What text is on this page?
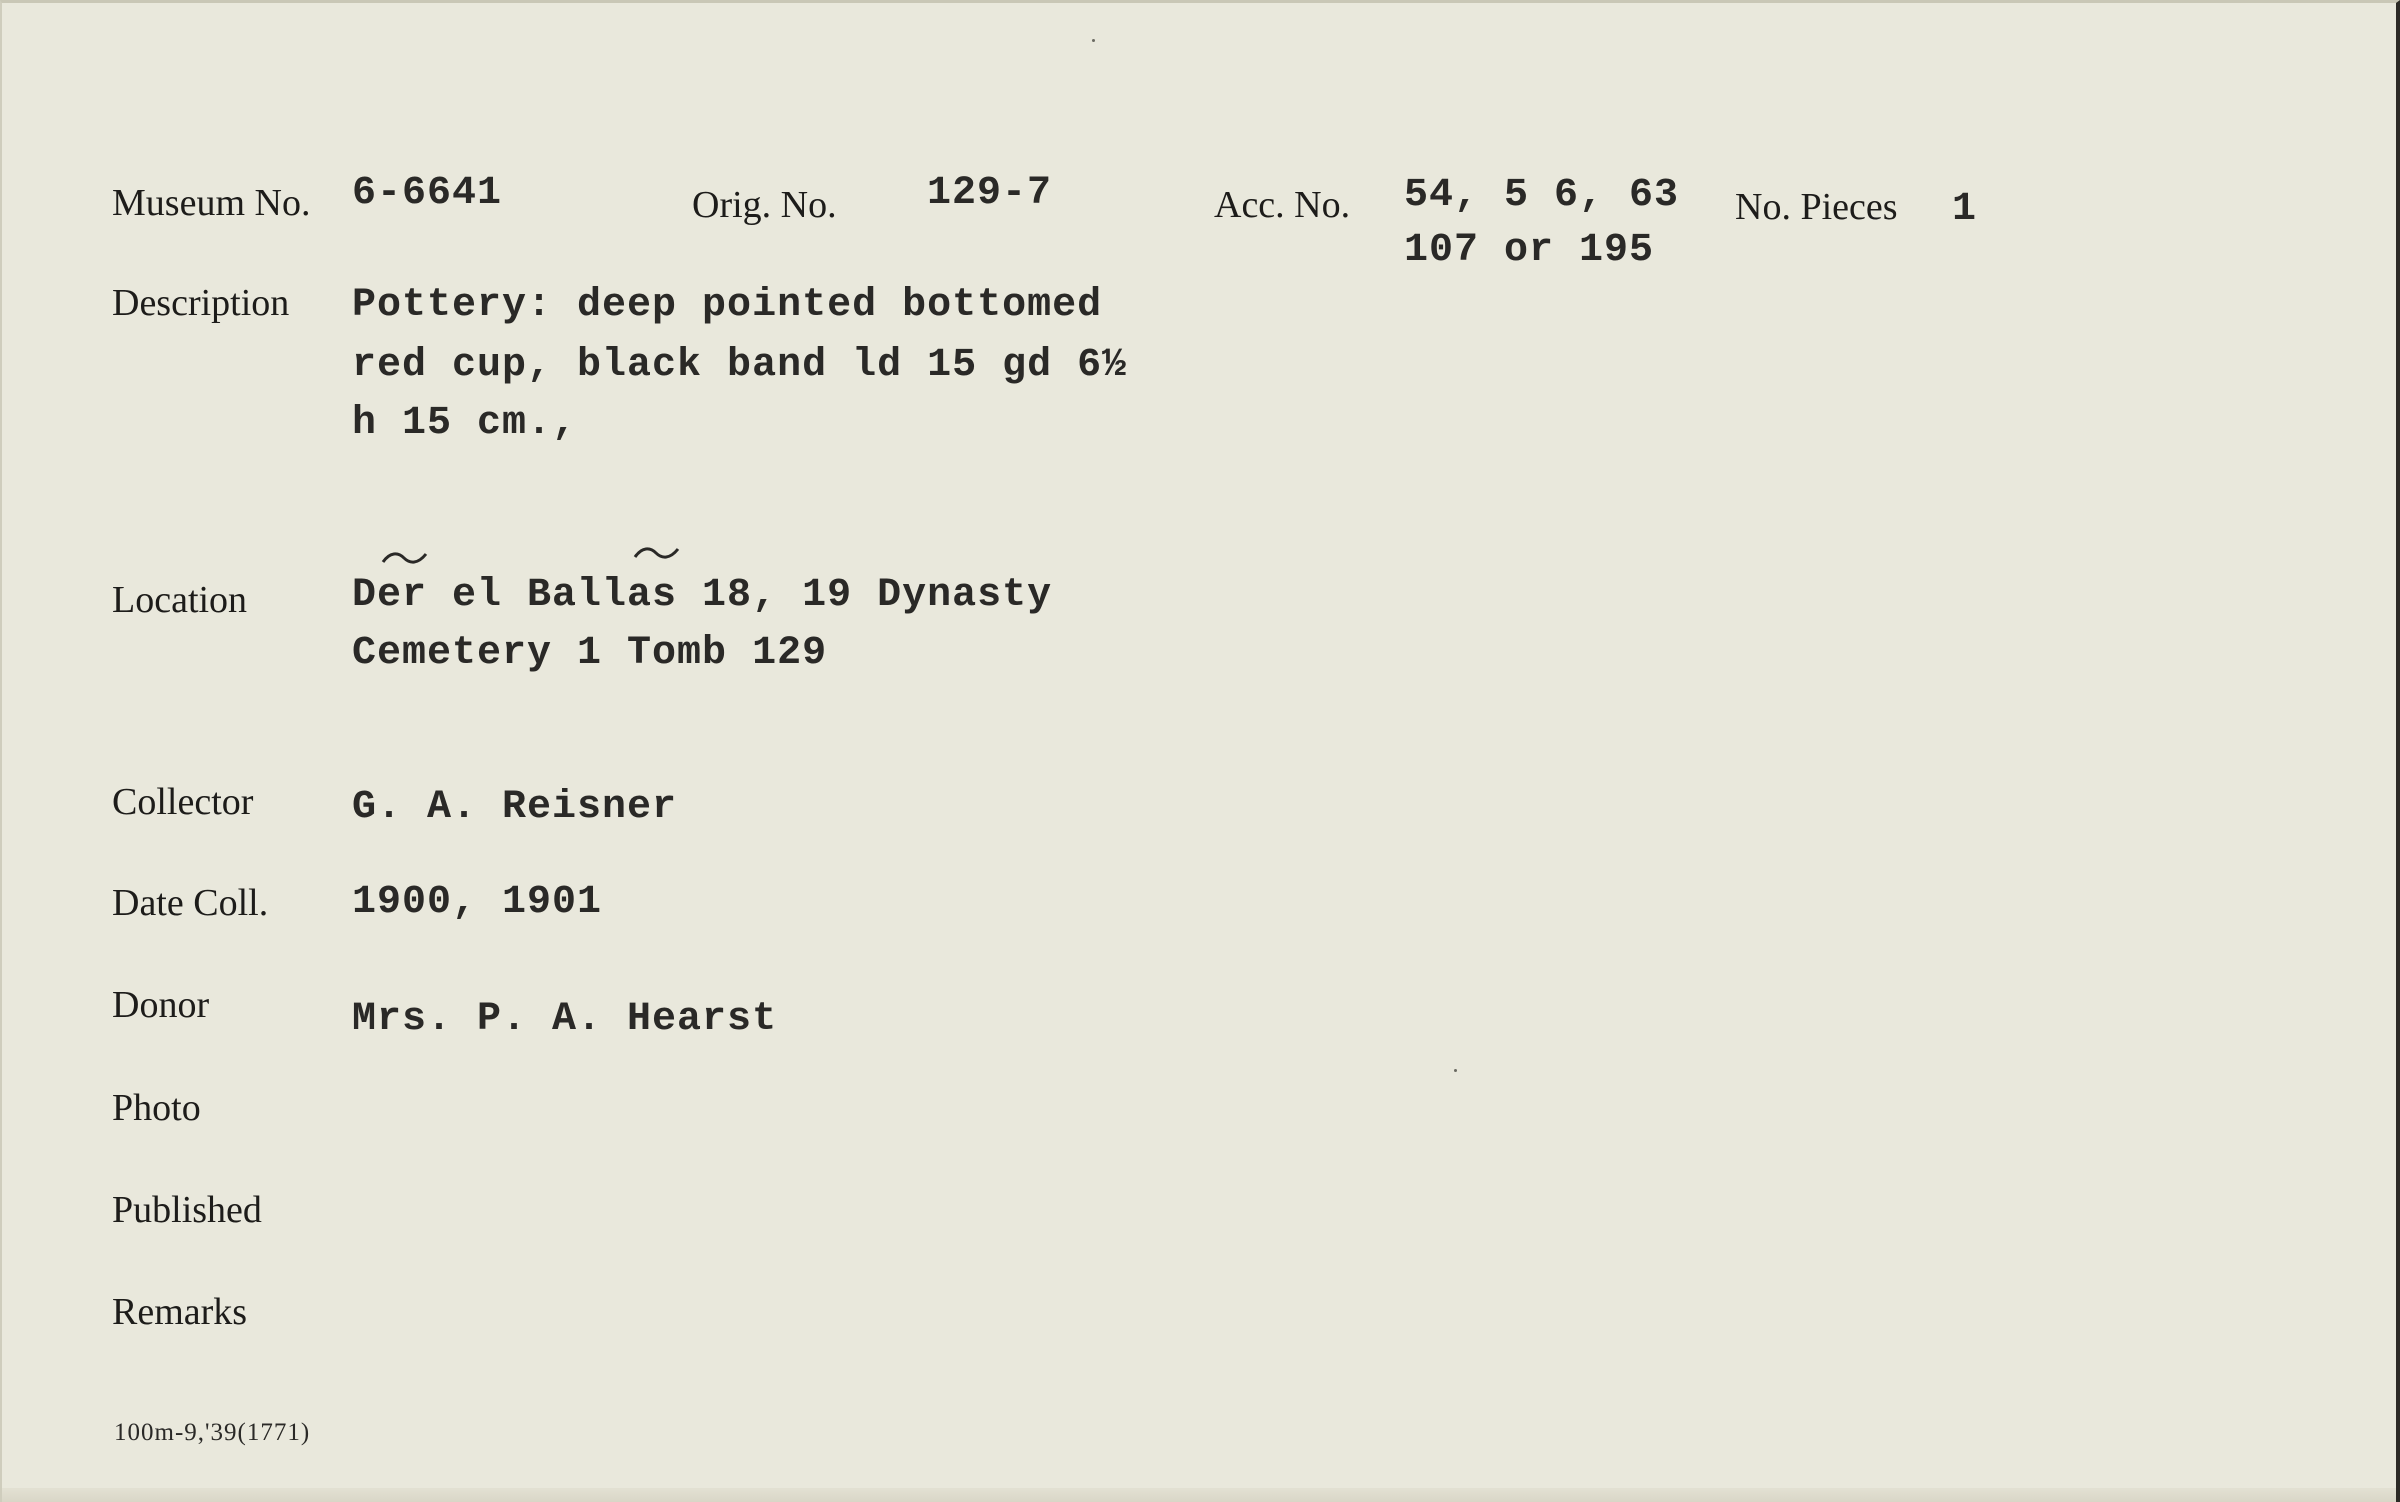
Museum No. 6-6641	Orig. No. 129-7	Acc. No. 54, 5 6, 63
107 or 195
No. Pieces 1
Description Pottery: deep pointed bottomed
red cup, black band ld 15 gd 6½
h 15 cm.,
Location	Der el Ballas 18, 19 Dynasty
Cemetery 1 Tomb 129
Collector G. A. Reisner
Date Coll. 1900, 1901
Donor	Mrs. P. A. Hearst
Photo
Published
Remarks
100m-9,'39(1771)
